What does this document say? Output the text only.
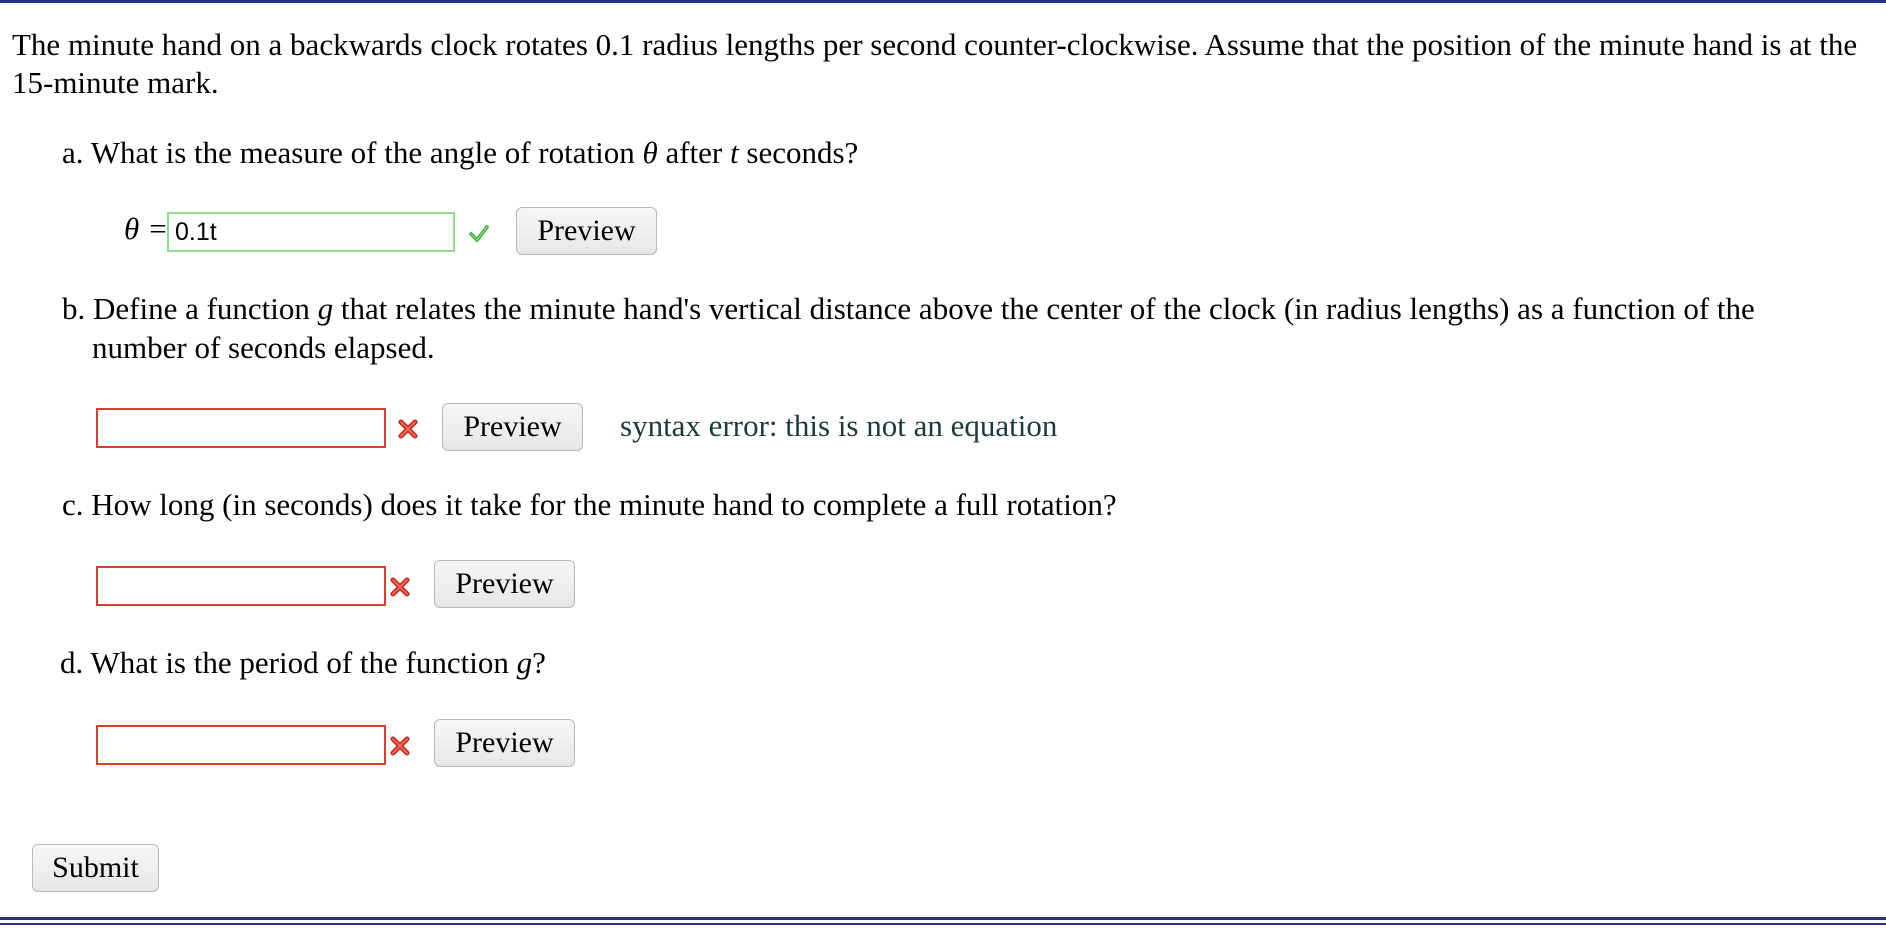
The minute hand on a backwards clock rotates 0.1 radius lengths per second counter-clockwise. Assume that the position of the minute hand is at the 15-minute mark.
a. What is the measure of the angle of rotation θ after t seconds?
θ =
0.1t	Preview
b. Define a function g that relates the minute hand's vertical distance above the center of the clock (in radius lengths) as a function of the
number of seconds elapsed.
Preview	syntax error: this is not an equation
c. How long (in seconds) does it take for the minute hand to complete a full rotation?
Preview
d. What is the period of the function g?
Preview
Submit
